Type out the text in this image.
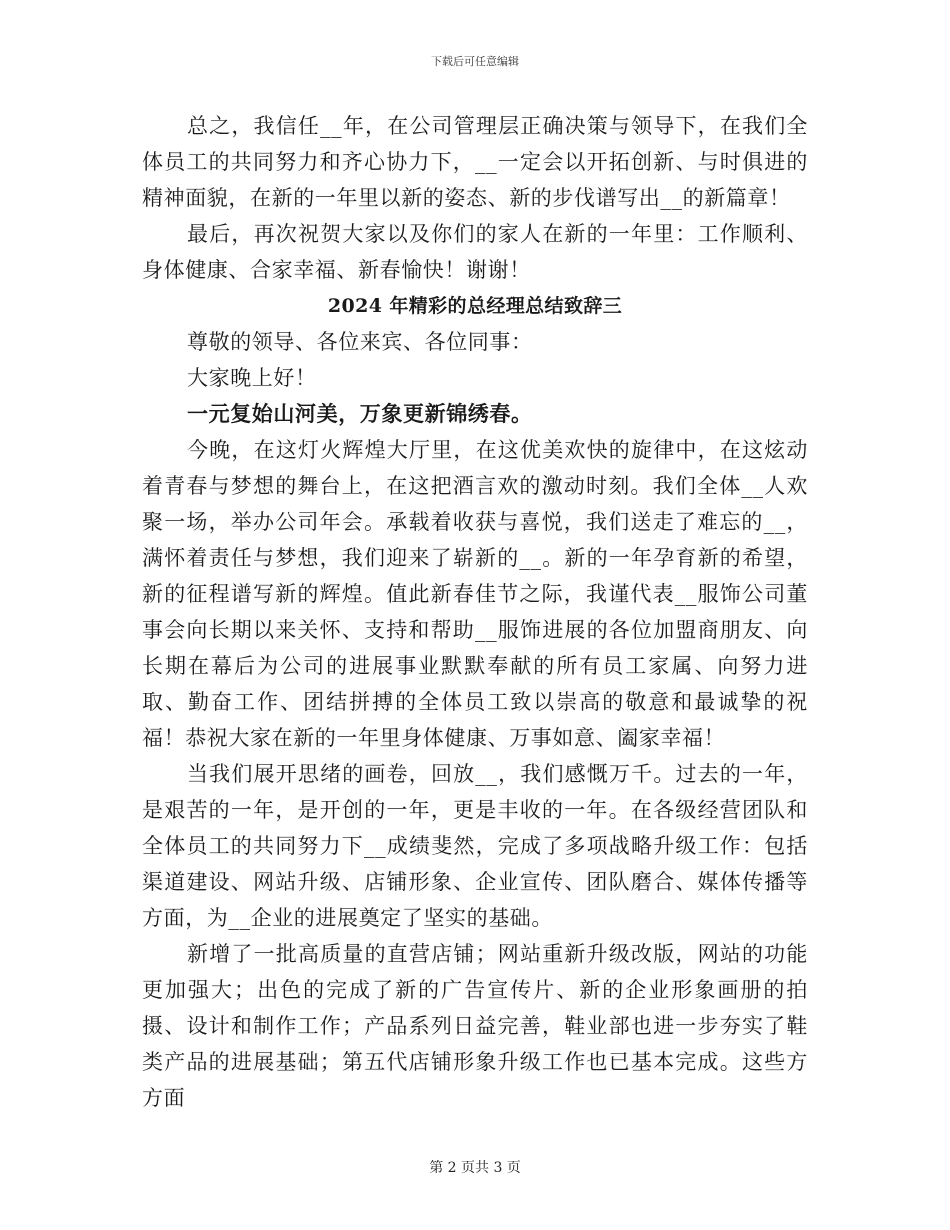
下载后可任意编辑

总之，我信任__年，在公司管理层正确决策与领导下，在我们全体员工的共同努力和齐心协力下，__一定会以开拓创新、与时俱进的精神面貌，在新的一年里以新的姿态、新的步伐谱写出__的新篇章！

最后，再次祝贺大家以及你们的家人在新的一年里：工作顺利、身体健康、合家幸福、新春愉快！谢谢！

2024 年精彩的总经理总结致辞三

尊敬的领导、各位来宾、各位同事：

大家晚上好！

一元复始山河美，万象更新锦绣春。

今晚，在这灯火辉煌大厅里，在这优美欢快的旋律中，在这炫动着青春与梦想的舞台上，在这把酒言欢的激动时刻。我们全体__人欢聚一场，举办公司年会。承载着收获与喜悦，我们送走了难忘的__，满怀着责任与梦想，我们迎来了崭新的__。新的一年孕育新的希望，新的征程谱写新的辉煌。值此新春佳节之际，我谨代表__服饰公司董事会向长期以来关怀、支持和帮助__服饰进展的各位加盟商朋友、向长期在幕后为公司的进展事业默默奉献的所有员工家属、向努力进取、勤奋工作、团结拼搏的全体员工致以崇高的敬意和最诚挚的祝福！恭祝大家在新的一年里身体健康、万事如意、阖家幸福！

当我们展开思绪的画卷，回放__，我们感慨万千。过去的一年，是艰苦的一年，是开创的一年，更是丰收的一年。在各级经营团队和全体员工的共同努力下__成绩斐然，完成了多项战略升级工作：包括渠道建设、网站升级、店铺形象、企业宣传、团队磨合、媒体传播等方面，为__企业的进展奠定了坚实的基础。

新增了一批高质量的直营店铺；网站重新升级改版，网站的功能更加强大；出色的完成了新的广告宣传片、新的企业形象画册的拍摄、设计和制作工作；产品系列日益完善，鞋业部也进一步夯实了鞋类产品的进展基础；第五代店铺形象升级工作也已基本完成。这些方方面

第 2 页共 3 页
